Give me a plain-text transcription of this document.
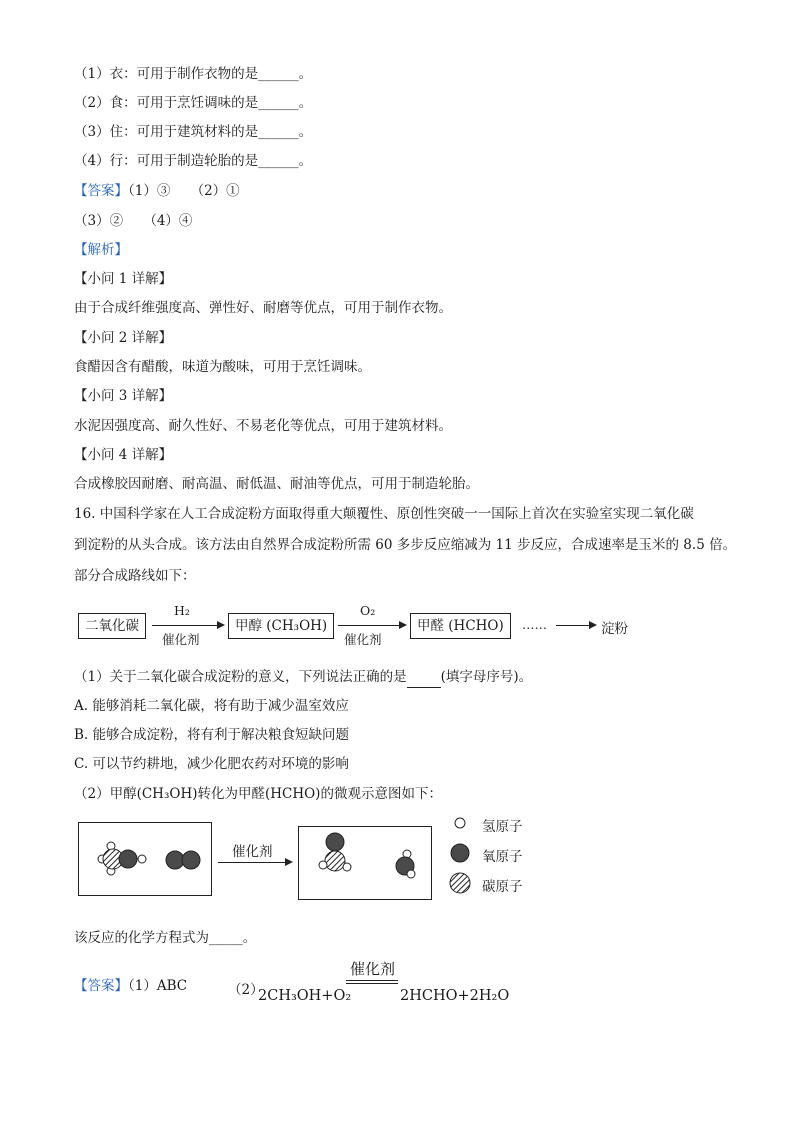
（1）衣：可用于制作衣物的是______。
（2）食：可用于烹饪调味的是______。
（3）住：可用于建筑材料的是______。
（4）行：可用于制造轮胎的是______。
【答案】（1）③　　（2）①
（3）②　　（4）④
【解析】
【小问 1 详解】
由于合成纤维强度高、弹性好、耐磨等优点，可用于制作衣物。
【小问 2 详解】
食醋因含有醋酸，味道为酸味，可用于烹饪调味。
【小问 3 详解】
水泥因强度高、耐久性好、不易老化等优点，可用于建筑材料。
【小问 4 详解】
合成橡胶因耐磨、耐高温、耐低温、耐油等优点，可用于制造轮胎。
16. 中国科学家在人工合成淀粉方面取得重大颠覆性、原创性突破一一国际上首次在实验室实现二氧化碳
到淀粉的从头合成。该方法由自然界合成淀粉所需 60 多步反应缩减为 11 步反应，合成速率是玉米的 8.5 倍。
部分合成路线如下：
二氧化碳
H₂
催化剂
甲醇 (CH₃OH)
O₂
催化剂
甲醛 (HCHO)	……	淀粉
（1）关于二氧化碳合成淀粉的意义，下列说法正确的是	(填字母序号)。
A. 能够消耗二氧化碳，将有助于减少温室效应
B. 能够合成淀粉，将有利于解决粮食短缺问题
C. 可以节约耕地，减少化肥农药对环境的影响
（2）甲醇(CH₃OH)转化为甲醛(HCHO)的微观示意图如下：
催化剂
氢原子
氧原子
碳原子
该反应的化学方程式为_____。
【答案】（1）ABC	（2）
催化剂
2CH₃OH+O₂	2HCHO+2H₂O
